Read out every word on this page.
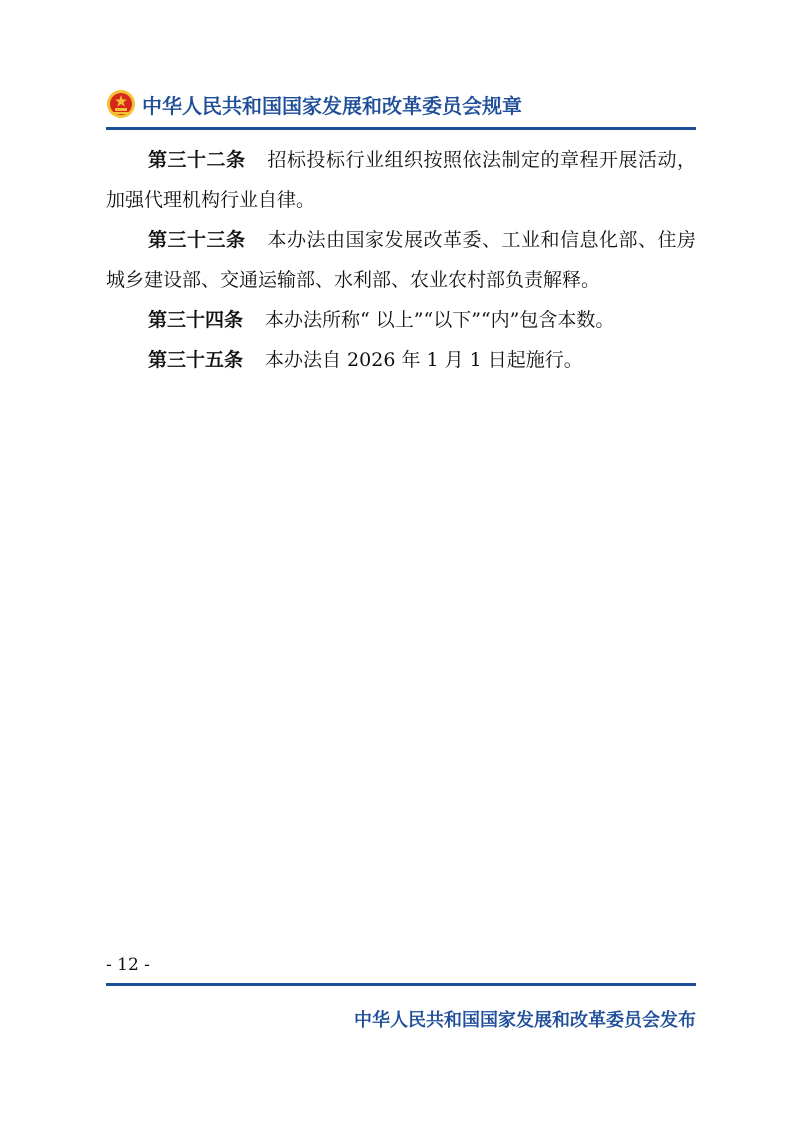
中华人民共和国国家发展和改革委员会规章

第三十二条 招标投标行业组织按照依法制定的章程开展活动，加强代理机构行业自律。

第三十三条 本办法由国家发展改革委、工业和信息化部、住房城乡建设部、交通运输部、水利部、农业农村部负责解释。

第三十四条 本办法所称“ 以上”“以下”“内”包含本数。

第三十五条 本办法自 2026 年 1 月 1 日起施行。

- 12 -
中华人民共和国国家发展和改革委员会发布
